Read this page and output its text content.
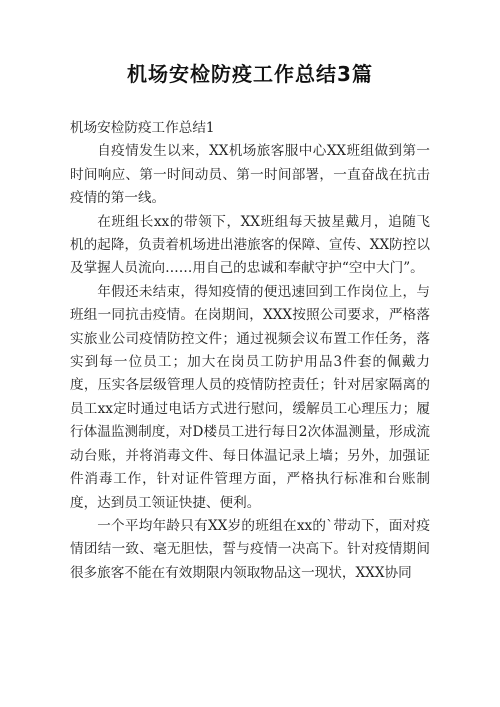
机场安检防疫工作总结3篇

机场安检防疫工作总结1

自疫情发生以来，XX机场旅客服中心XX班组做到第一时间响应、第一时间动员、第一时间部署，一直奋战在抗击疫情的第一线。

在班组长xx的带领下，XX班组每天披星戴月，追随飞机的起降，负责着机场进出港旅客的保障、宣传、XX防控以及掌握人员流向……用自己的忠诚和奉献守护“空中大门”。

年假还未结束，得知疫情的便迅速回到工作岗位上，与班组一同抗击疫情。在岗期间，XXX按照公司要求，严格落实旅业公司疫情防控文件；通过视频会议布置工作任务，落实到每一位员工；加大在岗员工防护用品3件套的佩戴力度，压实各层级管理人员的疫情防控责任；针对居家隔离的员工xx定时通过电话方式进行慰问，缓解员工心理压力；履行体温监测制度，对D楼员工进行每日2次体温测量，形成流动台账，并将消毒文件、每日体温记录上墙；另外，加强证件消毒工作，针对证件管理方面，严格执行标准和台账制度，达到员工领证快捷、便利。

一个平均年龄只有XX岁的班组在xx的`带动下，面对疫情团结一致、毫无胆怯，誓与疫情一决高下。针对疫情期间很多旅客不能在有效期限内领取物品这一现状，XXX协同
